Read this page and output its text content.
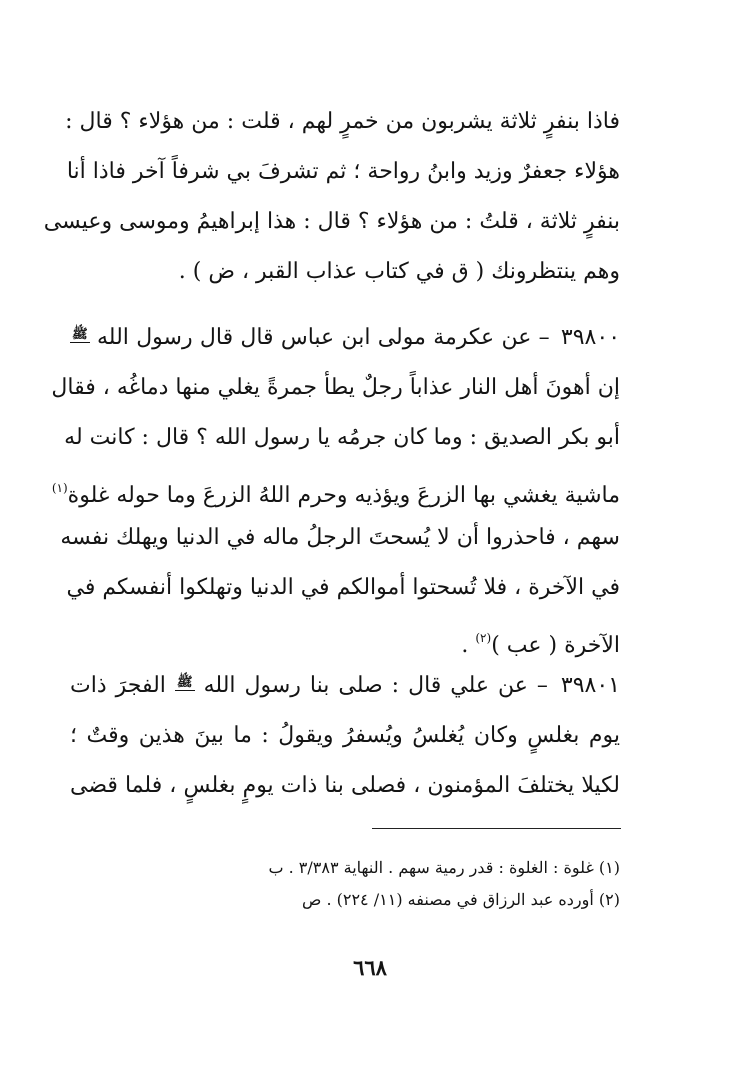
فاذا بنفرٍ ثلاثة يشربون من خمرٍ لهم ، قلت : من هؤلاء ؟ قال :
هؤلاء جعفرٌ وزيد وابنُ رواحة ؛ ثم تشرفَ بي شرفاً آخر فاذا أنا
بنفرٍ ثلاثة ، قلتُ : من هؤلاء ؟ قال : هذا إبراهيمُ وموسى وعيسى
وهم ينتظرونك ( ق في كتاب عذاب القبر ، ض ) .
٣٩٨٠٠ – عن عكرمة مولى ابن عباس قال قال رسول الله ﷺ
إن أهونَ أهل النار عذاباً رجلٌ يطأ جمرةً يغلي منها دماغُه ، فقال
أبو بكر الصديق : وما كان جرمُه يا رسول الله ؟ قال : كانت له
ماشية يغشي بها الزرعَ ويؤذيه وحرم اللهُ الزرعَ وما حوله غلوة$^{(١)}$
سهم ، فاحذروا أن لا يُسحتَ الرجلُ ماله في الدنيا ويهلك نفسه
في الآخرة ، فلا تُسحتوا أموالكم في الدنيا وتهلكوا أنفسكم في
الآخرة ( عب )$^{(٢)}$ .
٣٩٨٠١ – عن علي قال : صلى بنا رسول الله ﷺ الفجرَ ذات
يوم بغلسٍ وكان يُغلسُ ويُسفرُ ويقولُ : ما بينَ هذين وقتٌ ؛
لكيلا يختلفَ المؤمنون ، فصلى بنا ذات يومٍ بغلسٍ ، فلما قضى
(١) غلوة : الغلوة : قدر رمية سهم . النهاية ٣/٣٨٣ . ب
(٢) أورده عبد الرزاق في مصنفه (١١/ ٢٢٤) . ص
٦٦٨
